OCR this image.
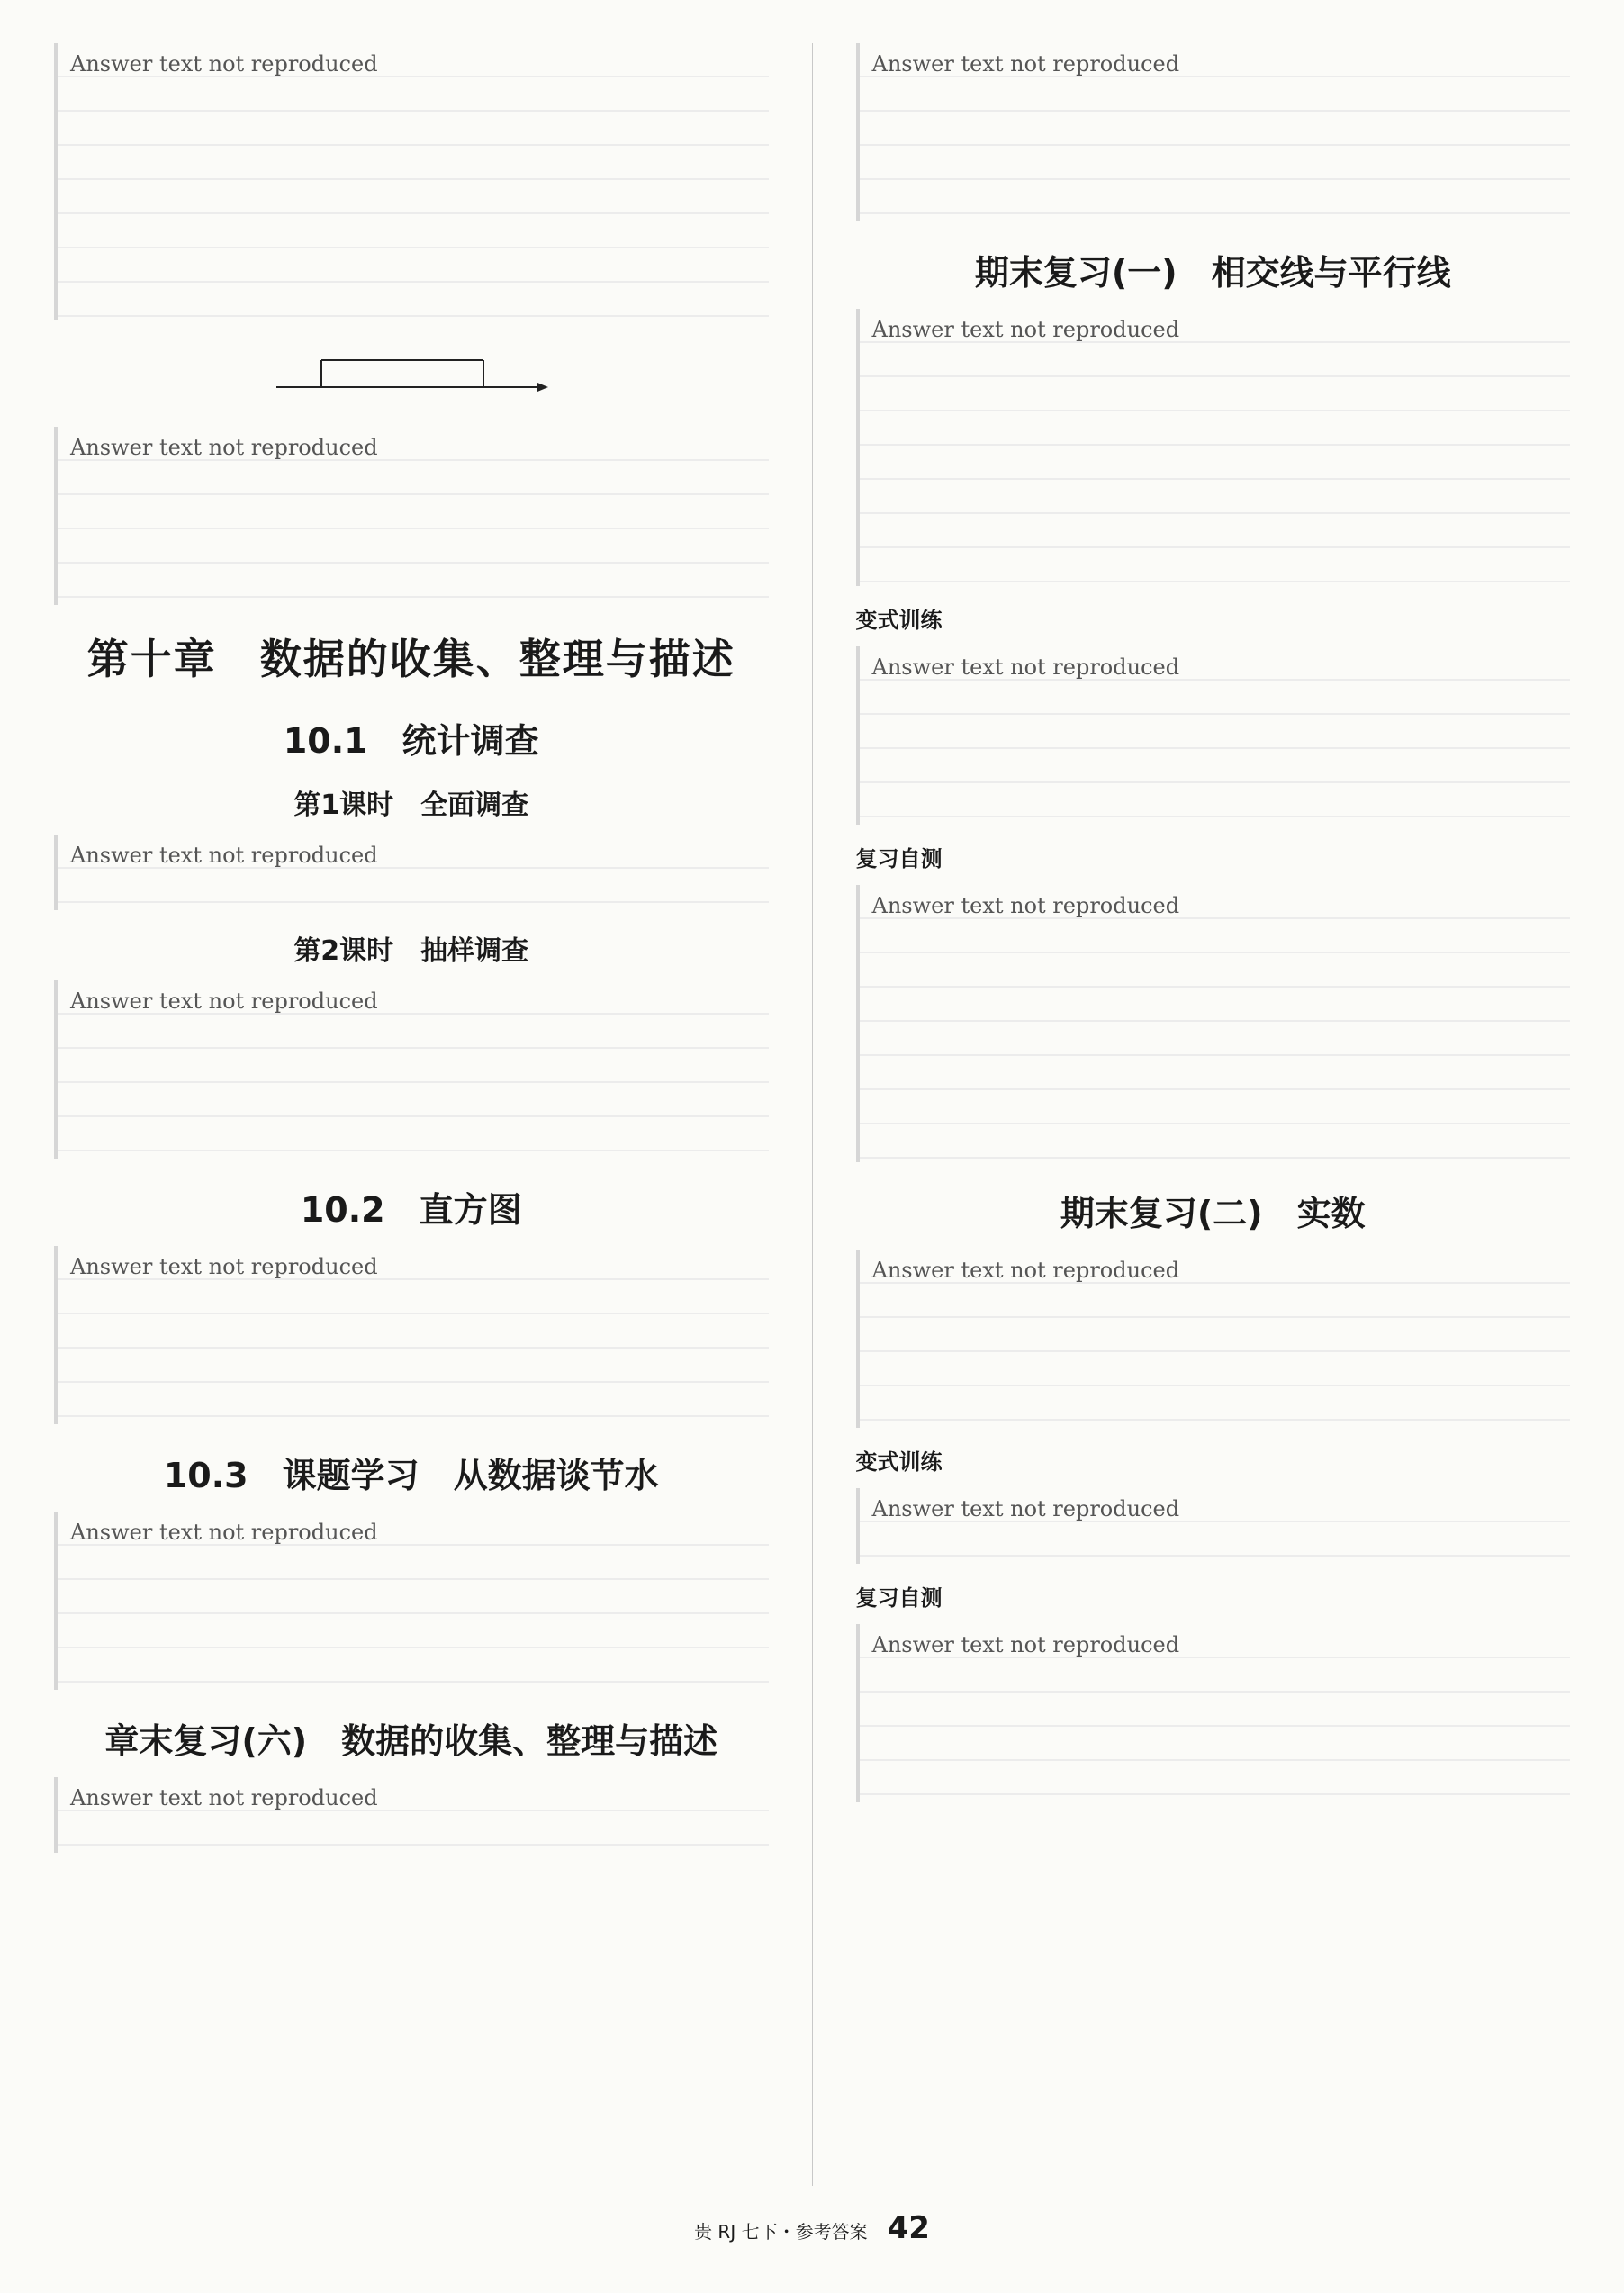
Answer text not reproduced
Answer text not reproduced
第十章　数据的收集、整理与描述
10.1　统计调查
第1课时　全面调查
Answer text not reproduced
第2课时　抽样调查
Answer text not reproduced
10.2　直方图
Answer text not reproduced
10.3　课题学习　从数据谈节水
Answer text not reproduced
章末复习(六)　数据的收集、整理与描述
Answer text not reproduced
Answer text not reproduced
期末复习(一)　相交线与平行线
Answer text not reproduced
变式训练
Answer text not reproduced
复习自测
Answer text not reproduced
期末复习(二)　实数
Answer text not reproduced
变式训练
Answer text not reproduced
复习自测
Answer text not reproduced
贵 RJ 七下・参考答案 42
